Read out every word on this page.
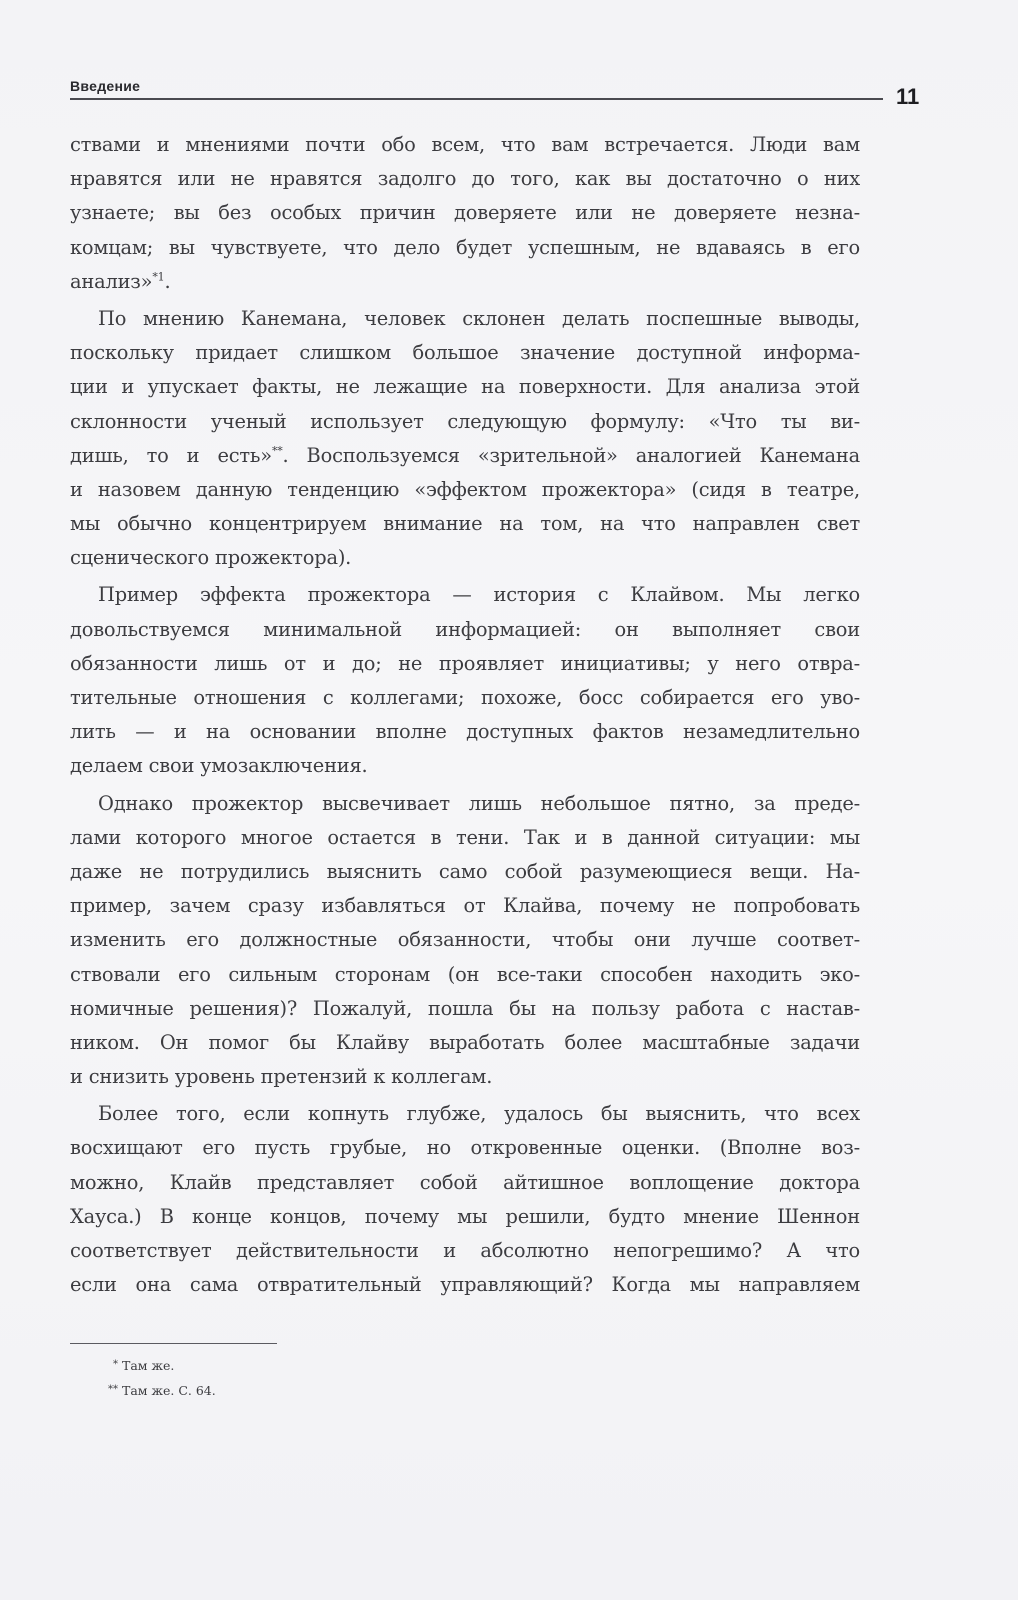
Введение	11
ствами и мнениями почти обо всем, что вам встречается. Люди вам
нравятся или не нравятся задолго до того, как вы достаточно о них
узнаете; вы без особых причин доверяете или не доверяете незна-
комцам; вы чувствуете, что дело будет успешным, не вдаваясь в его
анализ»$^{*1}$.
По мнению Канемана, человек склонен делать поспешные выводы,
поскольку придает слишком большое значение доступной информа-
ции и упускает факты, не лежащие на поверхности. Для анализа этой
склонности ученый использует следующую формулу: «Что ты ви-
дишь, то и есть»**. Воспользуемся «зрительной» аналогией Канемана
и назовем данную тенденцию «эффектом прожектора» (сидя в театре,
мы обычно концентрируем внимание на том, на что направлен свет
сценического прожектора).
Пример эффекта прожектора — история с Клайвом. Мы легко
довольствуемся минимальной информацией: он выполняет свои
обязанности лишь от и до; не проявляет инициативы; у него отвра-
тительные отношения с коллегами; похоже, босс собирается его уво-
лить — и на основании вполне доступных фактов незамедлительно
делаем свои умозаключения.
Однако прожектор высвечивает лишь небольшое пятно, за преде-
лами которого многое остается в тени. Так и в данной ситуации: мы
даже не потрудились выяснить само собой разумеющиеся вещи. На-
пример, зачем сразу избавляться от Клайва, почему не попробовать
изменить его должностные обязанности, чтобы они лучше соответ-
ствовали его сильным сторонам (он все-таки способен находить эко-
номичные решения)? Пожалуй, пошла бы на пользу работа с настав-
ником. Он помог бы Клайву выработать более масштабные задачи
и снизить уровень претензий к коллегам.
Более того, если копнуть глубже, удалось бы выяснить, что всех
восхищают его пусть грубые, но откровенные оценки. (Вполне воз-
можно, Клайв представляет собой айтишное воплощение доктора
Хауса.) В конце концов, почему мы решили, будто мнение Шеннон
соответствует действительности и абсолютно непогрешимо? А что
если она сама отвратительный управляющий? Когда мы направляем
* Там же.
** Там же. С. 64.
